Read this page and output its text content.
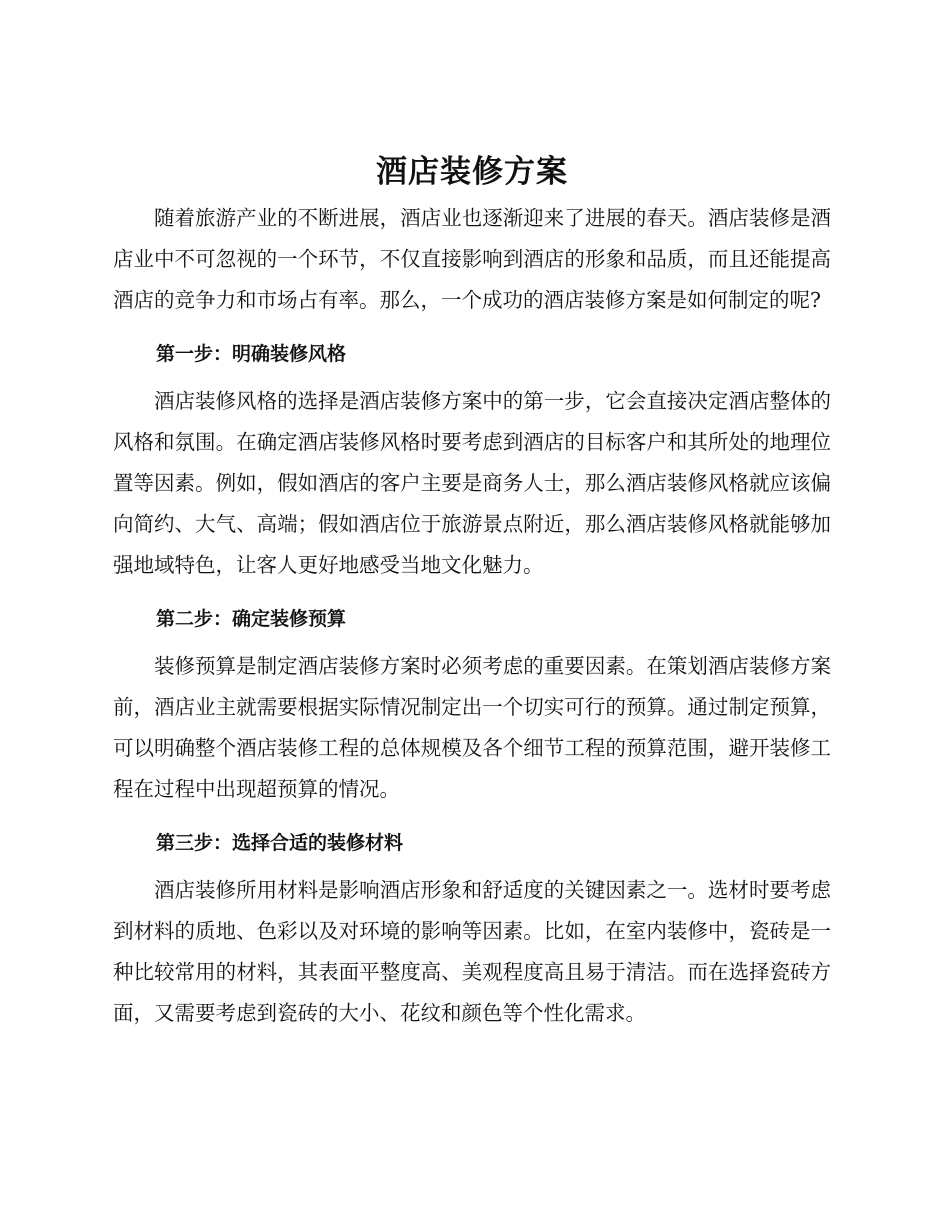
酒店装修方案

随着旅游产业的不断进展，酒店业也逐渐迎来了进展的春天。酒店装修是酒店业中不可忽视的一个环节，不仅直接影响到酒店的形象和品质，而且还能提高酒店的竞争力和市场占有率。那么，一个成功的酒店装修方案是如何制定的呢?

第一步：明确装修风格

酒店装修风格的选择是酒店装修方案中的第一步，它会直接决定酒店整体的风格和氛围。在确定酒店装修风格时要考虑到酒店的目标客户和其所处的地理位置等因素。例如，假如酒店的客户主要是商务人士，那么酒店装修风格就应该偏向简约、大气、高端；假如酒店位于旅游景点附近，那么酒店装修风格就能够加强地域特色，让客人更好地感受当地文化魅力。

第二步：确定装修预算

装修预算是制定酒店装修方案时必须考虑的重要因素。在策划酒店装修方案前，酒店业主就需要根据实际情况制定出一个切实可行的预算。通过制定预算，可以明确整个酒店装修工程的总体规模及各个细节工程的预算范围，避开装修工程在过程中出现超预算的情况。

第三步：选择合适的装修材料

酒店装修所用材料是影响酒店形象和舒适度的关键因素之一。选材时要考虑到材料的质地、色彩以及对环境的影响等因素。比如，在室内装修中，瓷砖是一种比较常用的材料，其表面平整度高、美观程度高且易于清洁。而在选择瓷砖方面，又需要考虑到瓷砖的大小、花纹和颜色等个性化需求。
